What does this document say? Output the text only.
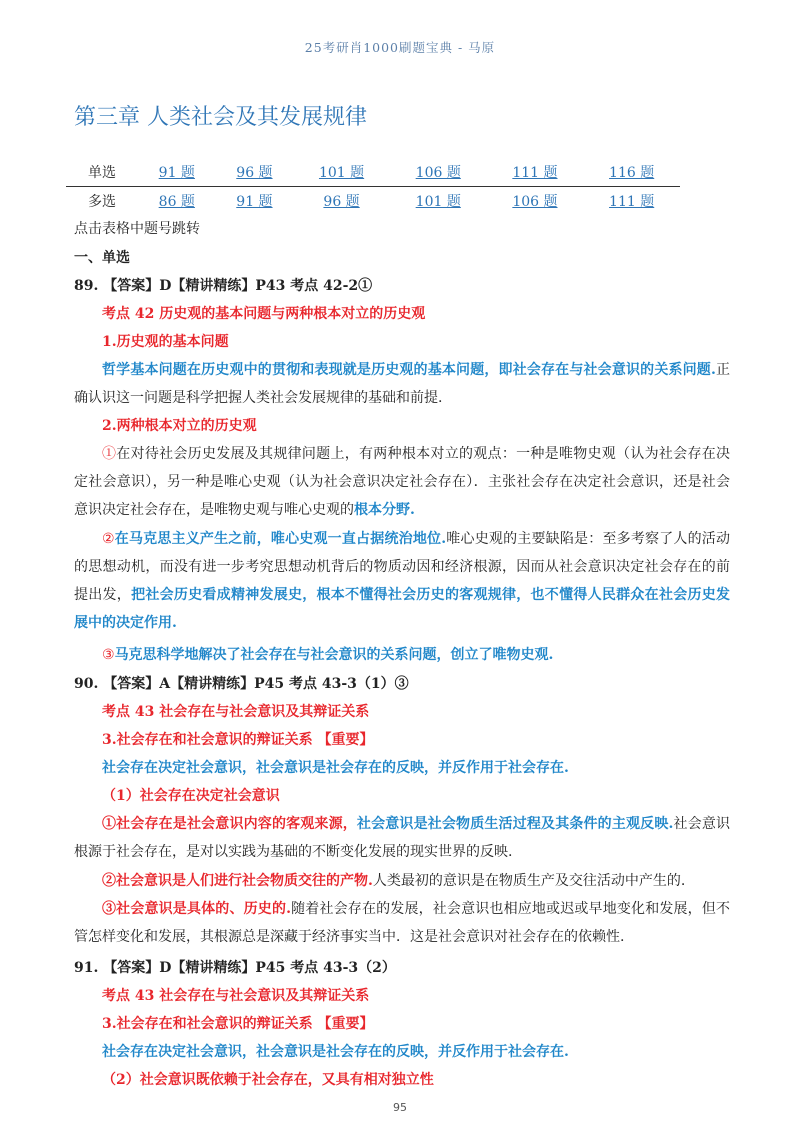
25考研肖1000刷题宝典 - 马原
第三章 人类社会及其发展规律
单选	91 题	96 题	101 题	106 题	111 题	116 题
多选	86 题	91 题	96 题	101 题	106 题	111 题
点击表格中题号跳转
一、单选
89. 【答案】D【精讲精练】P43 考点 42-2①
考点 42 历史观的基本问题与两种根本对立的历史观
1.历史观的基本问题
哲学基本问题在历史观中的贯彻和表现就是历史观的基本问题，即社会存在与社会意识的关系问题.正确认识这一问题是科学把握人类社会发展规律的基础和前提.
2.两种根本对立的历史观
①在对待社会历史发展及其规律问题上，有两种根本对立的观点：一种是唯物史观（认为社会存在决定社会意识），另一种是唯心史观（认为社会意识决定社会存在）．主张社会存在决定社会意识，还是社会意识决定社会存在，是唯物史观与唯心史观的根本分野.
②在马克思主义产生之前，唯心史观一直占据统治地位.唯心史观的主要缺陷是：至多考察了人的活动的思想动机，而没有进一步考究思想动机背后的物质动因和经济根源，因而从社会意识决定社会存在的前提出发，把社会历史看成精神发展史，根本不懂得社会历史的客观规律，也不懂得人民群众在社会历史发展中的决定作用.
③马克思科学地解决了社会存在与社会意识的关系问题，创立了唯物史观.
90. 【答案】A【精讲精练】P45 考点 43-3（1）③
考点 43 社会存在与社会意识及其辩证关系
3.社会存在和社会意识的辩证关系 【重要】
社会存在决定社会意识，社会意识是社会存在的反映，并反作用于社会存在.
（1）社会存在决定社会意识
①社会存在是社会意识内容的客观来源，社会意识是社会物质生活过程及其条件的主观反映.社会意识根源于社会存在，是对以实践为基础的不断变化发展的现实世界的反映.
②社会意识是人们进行社会物质交往的产物.人类最初的意识是在物质生产及交往活动中产生的.
③社会意识是具体的、历史的.随着社会存在的发展，社会意识也相应地或迟或早地变化和发展，但不管怎样变化和发展，其根源总是深藏于经济事实当中．这是社会意识对社会存在的依赖性.
91. 【答案】D【精讲精练】P45 考点 43-3（2）
考点 43 社会存在与社会意识及其辩证关系
3.社会存在和社会意识的辩证关系 【重要】
社会存在决定社会意识，社会意识是社会存在的反映，并反作用于社会存在.
（2）社会意识既依赖于社会存在，又具有相对独立性
95
